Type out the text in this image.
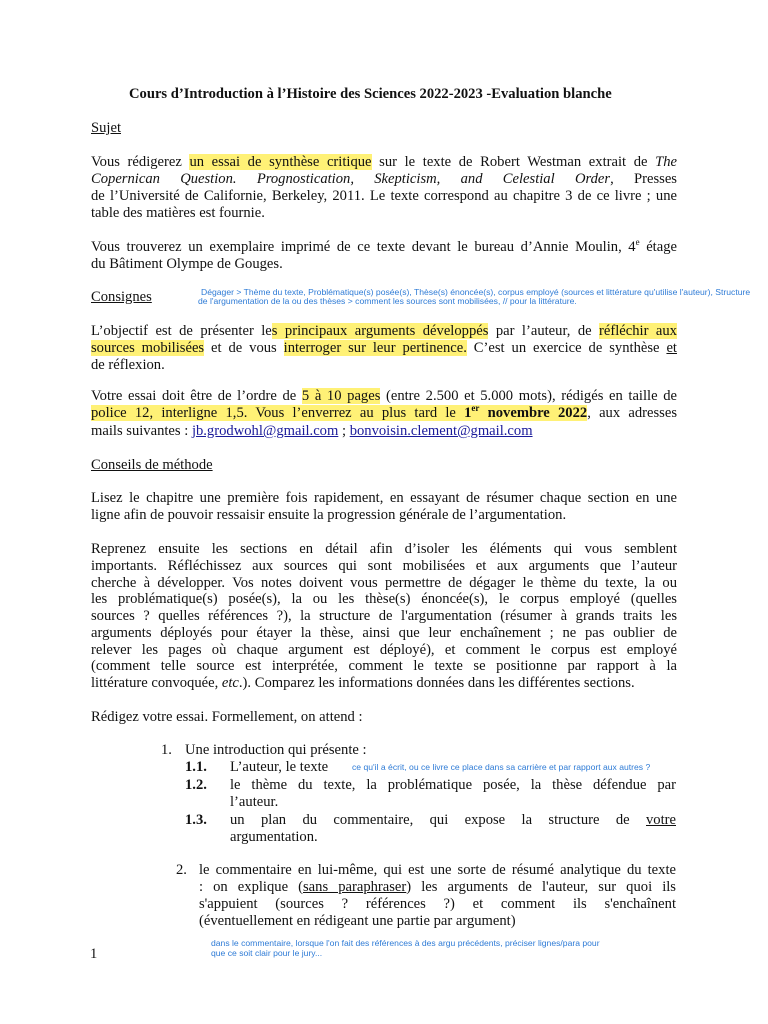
Cours d’Introduction à l’Histoire des Sciences 2022-2023 -Evaluation blanche
Sujet
Vous rédigerez un essai de synthèse critique sur le texte de Robert Westman extrait de The
Copernican Question. Prognostication, Skepticism, and Celestial Order, Presses
de l’Université de Californie, Berkeley, 2011. Le texte correspond au chapitre 3 de ce livre ; une
table des matières est fournie.
Vous trouverez un exemplaire imprimé de ce texte devant le bureau d’Annie Moulin, 4e étage
du Bâtiment Olympe de Gouges.
Dégager > Thème du texte, Problématique(s) posée(s), Thèse(s) énoncée(s), corpus employé (sources et littérature qu'utilise l'auteur), Structure
de l'argumentation de la ou des thèses > comment les sources sont mobilisées, // pour la littérature.
Consignes
L’objectif est de présenter les principaux arguments développés par l’auteur, de réfléchir aux
sources mobilisées et de vous interroger sur leur pertinence. C’est un exercice de synthèse et
de réflexion.
Votre essai doit être de l’ordre de 5 à 10 pages (entre 2.500 et 5.000 mots), rédigés en taille de
police 12, interligne 1,5. Vous l’enverrez au plus tard le 1er novembre 2022, aux adresses
mails suivantes : jb.grodwohl@gmail.com ; bonvoisin.clement@gmail.com
Conseils de méthode
Lisez le chapitre une première fois rapidement, en essayant de résumer chaque section en une
ligne afin de pouvoir ressaisir ensuite la progression générale de l’argumentation.
Reprenez ensuite les sections en détail afin d’isoler les éléments qui vous semblent
importants. Réfléchissez aux sources qui sont mobilisées et aux arguments que l’auteur
cherche à développer. Vos notes doivent vous permettre de dégager le thème du texte, la ou
les problématique(s) posée(s), la ou les thèse(s) énoncée(s), le corpus employé (quelles
sources ? quelles références ?), la structure de l'argumentation (résumer à grands traits les
arguments déployés pour étayer la thèse, ainsi que leur enchaînement ; ne pas oublier de
relever les pages où chaque argument est déployé), et comment le corpus est employé
(comment telle source est interprétée, comment le texte se positionne par rapport à la
littérature convoquée, etc.). Comparez les informations données dans les différentes sections.
Rédigez votre essai. Formellement, on attend :
1. Une introduction qui présente :
1.1. L’auteur, le texte	ce qu'il a écrit, ou ce livre ce place dans sa carrière et par rapport aux autres ?
1.2. le thème du texte, la problématique posée, la thèse défendue par
l’auteur.
1.3. un plan du commentaire, qui expose la structure de votre
argumentation.
2. le commentaire en lui-même, qui est une sorte de résumé analytique du texte
: on explique (sans paraphraser) les arguments de l'auteur, sur quoi ils
s'appuient (sources ? références ?) et comment ils s'enchaînent
(éventuellement en rédigeant une partie par argument)
dans le commentaire, lorsque l'on fait des références à des argu précédents, préciser lignes/para pour
que ce soit clair pour le jury...
1
